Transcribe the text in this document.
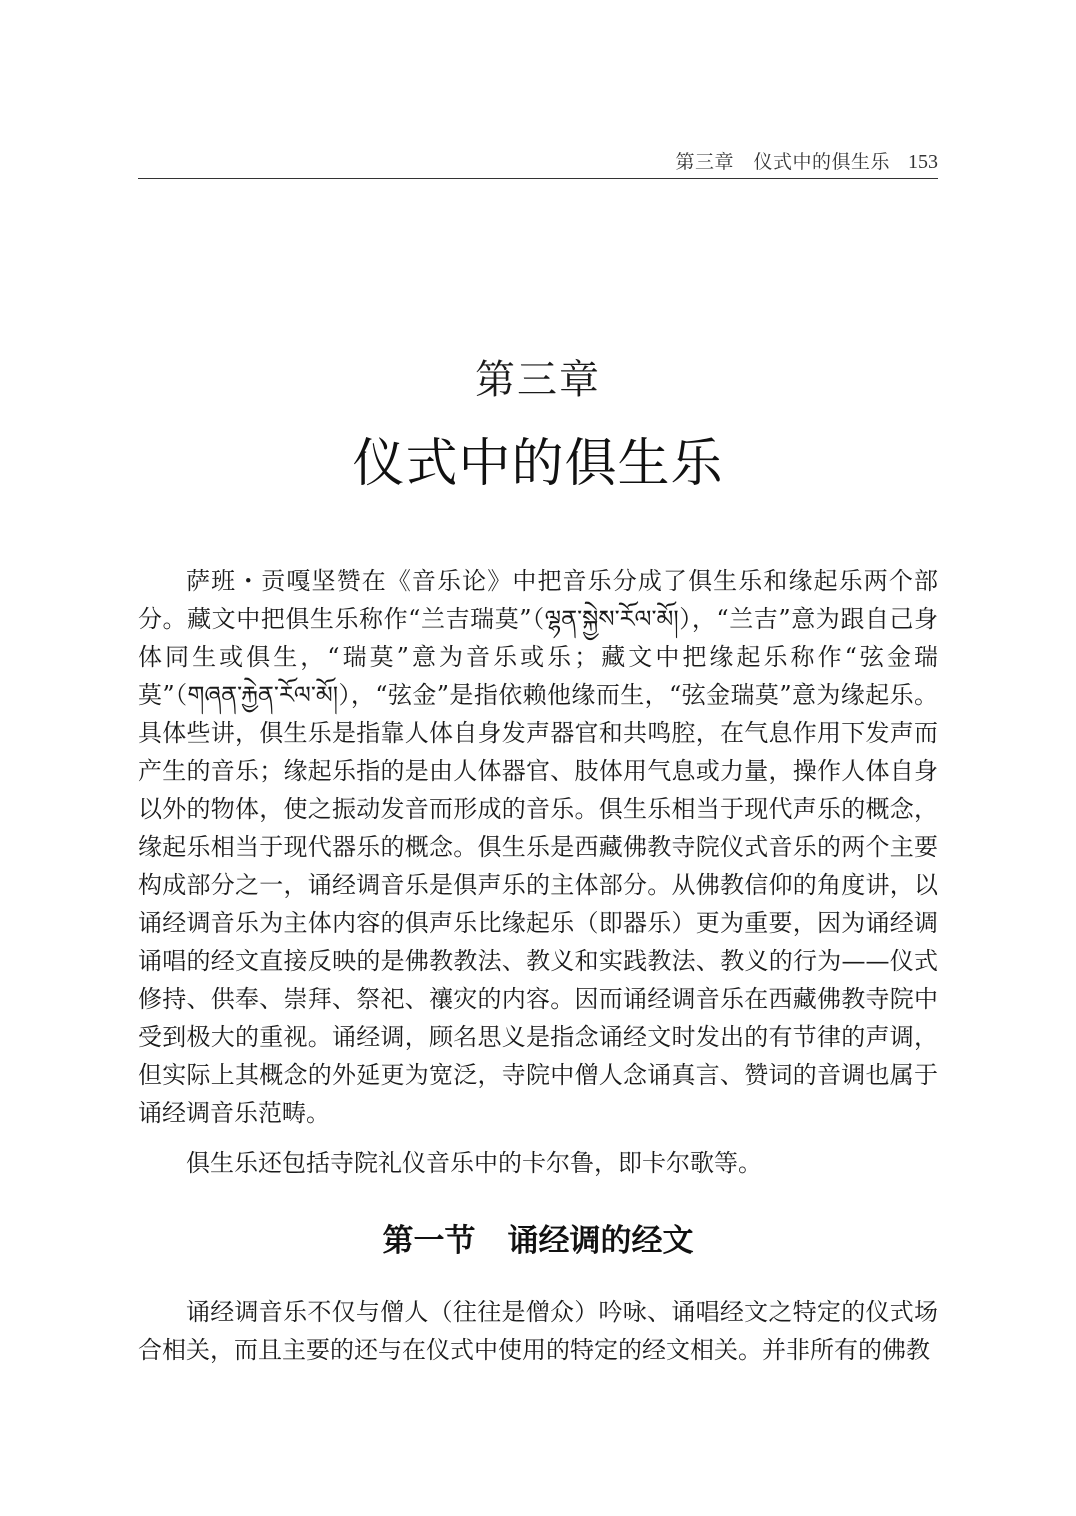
第三章　仪式中的俱生乐 153
第三章
仪式中的俱生乐

萨班・贡嘎坚赞在《音乐论》中把音乐分成了俱生乐和缘起乐两个部分。藏文中把俱生乐称作“兰吉瑞莫”（ལྷན་སྐྱེས་རོལ་མོ།），“兰吉”意为跟自己身体同生或俱生，“瑞莫”意为音乐或乐；藏文中把缘起乐称作“弦金瑞莫”（གཞན་རྐྱེན་རོལ་མོ།），“弦金”是指依赖他缘而生，“弦金瑞莫”意为缘起乐。具体些讲，俱生乐是指靠人体自身发声器官和共鸣腔，在气息作用下发声而产生的音乐；缘起乐指的是由人体器官、肢体用气息或力量，操作人体自身以外的物体，使之振动发音而形成的音乐。俱生乐相当于现代声乐的概念，缘起乐相当于现代器乐的概念。俱生乐是西藏佛教寺院仪式音乐的两个主要构成部分之一，诵经调音乐是俱声乐的主体部分。从佛教信仰的角度讲，以诵经调音乐为主体内容的俱声乐比缘起乐（即器乐）更为重要，因为诵经调诵唱的经文直接反映的是佛教教法、教义和实践教法、教义的行为——仪式修持、供奉、崇拜、祭祀、禳灾的内容。因而诵经调音乐在西藏佛教寺院中受到极大的重视。诵经调，顾名思义是指念诵经文时发出的有节律的声调，但实际上其概念的外延更为宽泛，寺院中僧人念诵真言、赞词的音调也属于诵经调音乐范畴。

俱生乐还包括寺院礼仪音乐中的卡尔鲁，即卡尔歌等。

第一节 诵经调的经文

诵经调音乐不仅与僧人（往往是僧众）吟咏、诵唱经文之特定的仪式场合相关，而且主要的还与在仪式中使用的特定的经文相关。并非所有的佛教
